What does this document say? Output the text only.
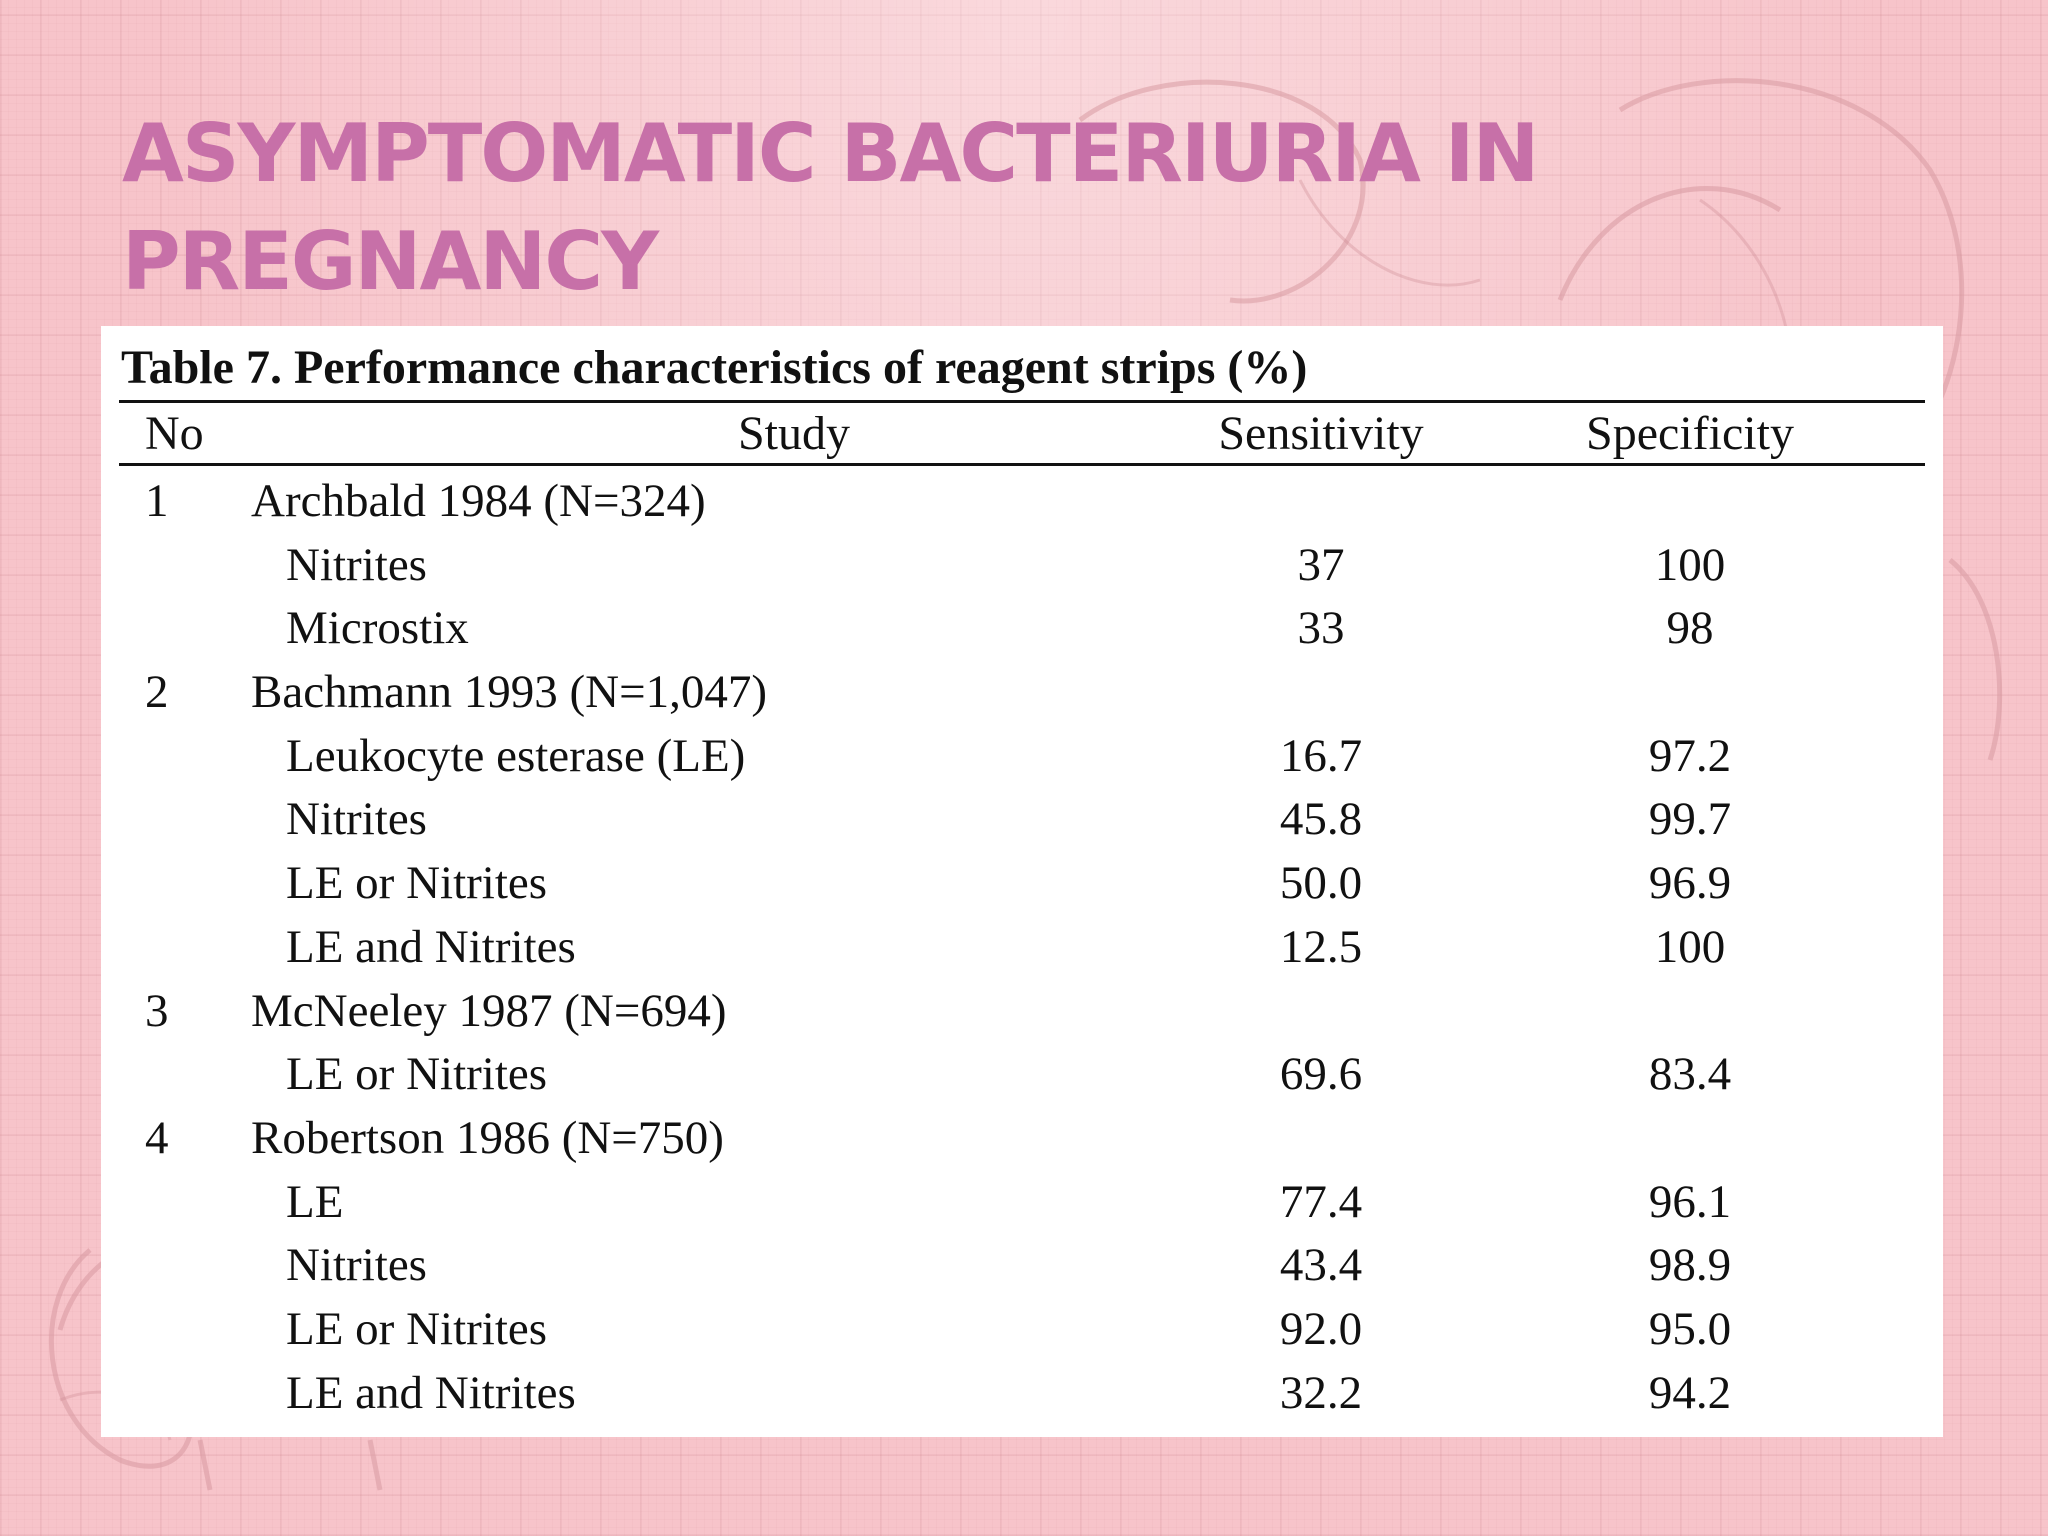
ASYMPTOMATIC BACTERIURIA IN
PREGNANCY

Table 7. Performance characteristics of reagent strips (%)

No	Study	Sensitivity	Specificity
1 Archbald 1984 (N=324)
Nitrites	37	100
Microstix	33	98
2 Bachmann 1993 (N=1,047)
Leukocyte esterase (LE)	16.7	97.2
Nitrites	45.8	99.7
LE or Nitrites	50.0	96.9
LE and Nitrites	12.5	100
3 McNeeley 1987 (N=694)
LE or Nitrites	69.6	83.4
4 Robertson 1986 (N=750)
LE	77.4	96.1
Nitrites	43.4	98.9
LE or Nitrites	92.0	95.0
LE and Nitrites	32.2	94.2
